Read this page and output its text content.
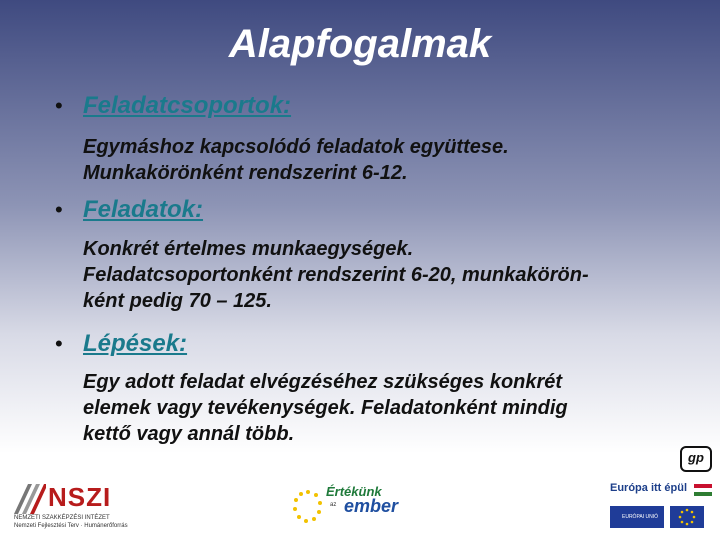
Alapfogalmak
• Feladatcsoportok:
Egymáshoz kapcsolódó feladatok együttese.
Munkakörönként rendszerint 6-12.
• Feladatok:
Konkrét értelmes munkaegységek.
Feladatcsoportonként rendszerint 6-20, munkakörön-
ként pedig 70 – 125.
• Lépések:
Egy adott feladat elvégzéséhez szükséges konkrét
elemek vagy tevékenységek. Feladatonként mindig
kettő vagy annál több.
gp
NSZI
NEMZETI SZAKKÉPZÉSI INTÉZET
Nemzeti Fejlesztési Terv · Humánerőforrás
Értékünk
az ember
Európa itt épül
EURÓPAI UNIÓ
